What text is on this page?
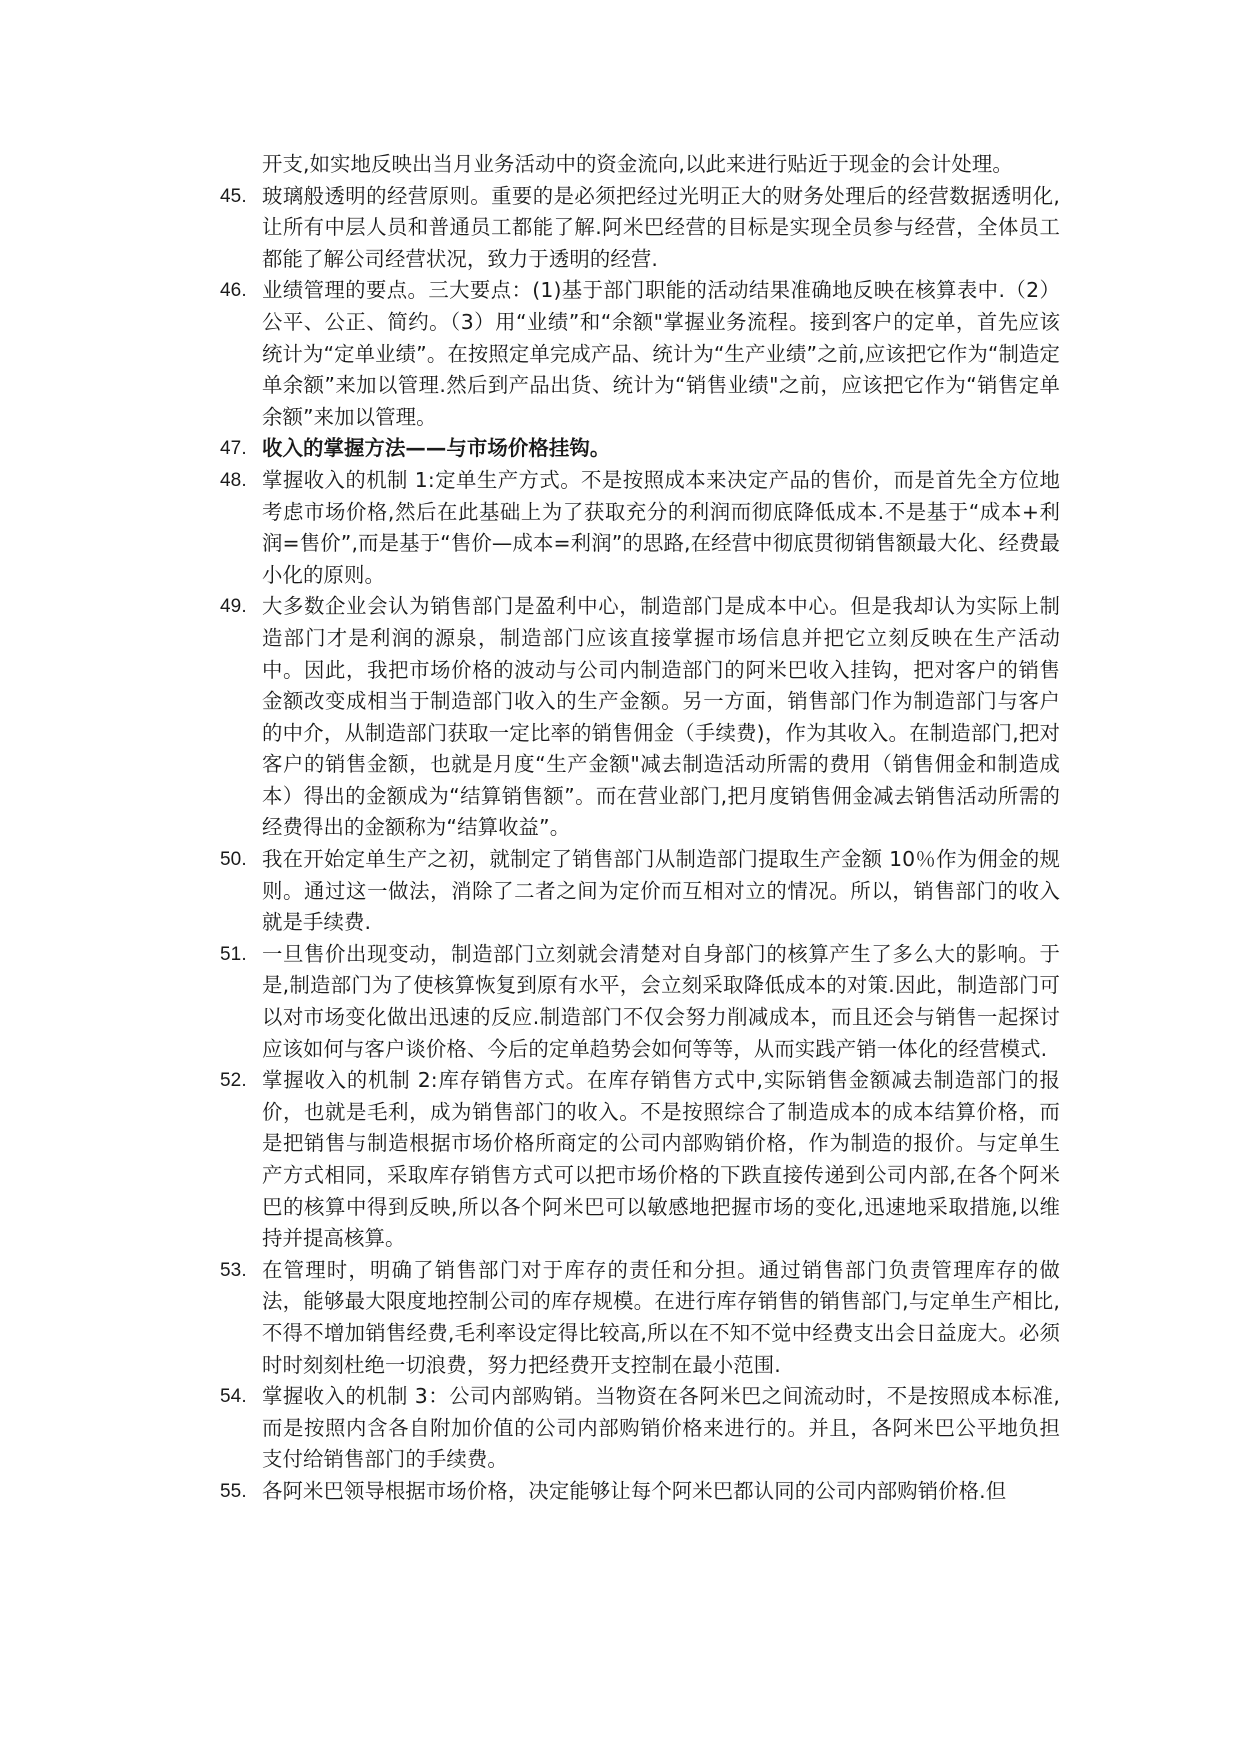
开支,如实地反映出当月业务活动中的资金流向,以此来进行贴近于现金的会计处理。

45. 玻璃般透明的经营原则。重要的是必须把经过光明正大的财务处理后的经营数据透明化,让所有中层人员和普通员工都能了解.阿米巴经营的目标是实现全员参与经营，全体员工都能了解公司经营状况，致力于透明的经营.
46. 业绩管理的要点。三大要点：(1)基于部门职能的活动结果准确地反映在核算表中.（2）公平、公正、简约。（3）用“业绩”和“余额"掌握业务流程。接到客户的定单，首先应该统计为“定单业绩”。在按照定单完成产品、统计为“生产业绩”之前,应该把它作为“制造定单余额”来加以管理.然后到产品出货、统计为“销售业绩"之前，应该把它作为“销售定单余额”来加以管理。
47. 收入的掌握方法——与市场价格挂钩。
48. 掌握收入的机制 1:定单生产方式。不是按照成本来决定产品的售价，而是首先全方位地考虑市场价格,然后在此基础上为了获取充分的利润而彻底降低成本.不是基于“成本+利润=售价”,而是基于“售价—成本=利润”的思路,在经营中彻底贯彻销售额最大化、经费最小化的原则。
49. 大多数企业会认为销售部门是盈利中心，制造部门是成本中心。但是我却认为实际上制造部门才是利润的源泉，制造部门应该直接掌握市场信息并把它立刻反映在生产活动中。因此，我把市场价格的波动与公司内制造部门的阿米巴收入挂钩，把对客户的销售金额改变成相当于制造部门收入的生产金额。另一方面，销售部门作为制造部门与客户的中介，从制造部门获取一定比率的销售佣金（手续费)，作为其收入。在制造部门,把对客户的销售金额，也就是月度“生产金额"减去制造活动所需的费用（销售佣金和制造成本）得出的金额成为“结算销售额”。而在营业部门,把月度销售佣金减去销售活动所需的经费得出的金额称为“结算收益”。
50. 我在开始定单生产之初，就制定了销售部门从制造部门提取生产金额 10％作为佣金的规则。通过这一做法，消除了二者之间为定价而互相对立的情况。所以，销售部门的收入就是手续费.
51. 一旦售价出现变动，制造部门立刻就会清楚对自身部门的核算产生了多么大的影响。于是,制造部门为了使核算恢复到原有水平，会立刻采取降低成本的对策.因此，制造部门可以对市场变化做出迅速的反应.制造部门不仅会努力削减成本，而且还会与销售一起探讨应该如何与客户谈价格、今后的定单趋势会如何等等，从而实践产销一体化的经营模式.
52. 掌握收入的机制 2:库存销售方式。在库存销售方式中,实际销售金额减去制造部门的报价，也就是毛利，成为销售部门的收入。不是按照综合了制造成本的成本结算价格，而是把销售与制造根据市场价格所商定的公司内部购销价格，作为制造的报价。与定单生产方式相同，采取库存销售方式可以把市场价格的下跌直接传递到公司内部,在各个阿米巴的核算中得到反映,所以各个阿米巴可以敏感地把握市场的变化,迅速地采取措施,以维持并提高核算。
53. 在管理时，明确了销售部门对于库存的责任和分担。通过销售部门负责管理库存的做法，能够最大限度地控制公司的库存规模。在进行库存销售的销售部门,与定单生产相比,不得不增加销售经费,毛利率设定得比较高,所以在不知不觉中经费支出会日益庞大。必须时时刻刻杜绝一切浪费，努力把经费开支控制在最小范围.
54. 掌握收入的机制 3：公司内部购销。当物资在各阿米巴之间流动时，不是按照成本标准,而是按照内含各自附加价值的公司内部购销价格来进行的。并且，各阿米巴公平地负担支付给销售部门的手续费。
55. 各阿米巴领导根据市场价格，决定能够让每个阿米巴都认同的公司内部购销价格.但
